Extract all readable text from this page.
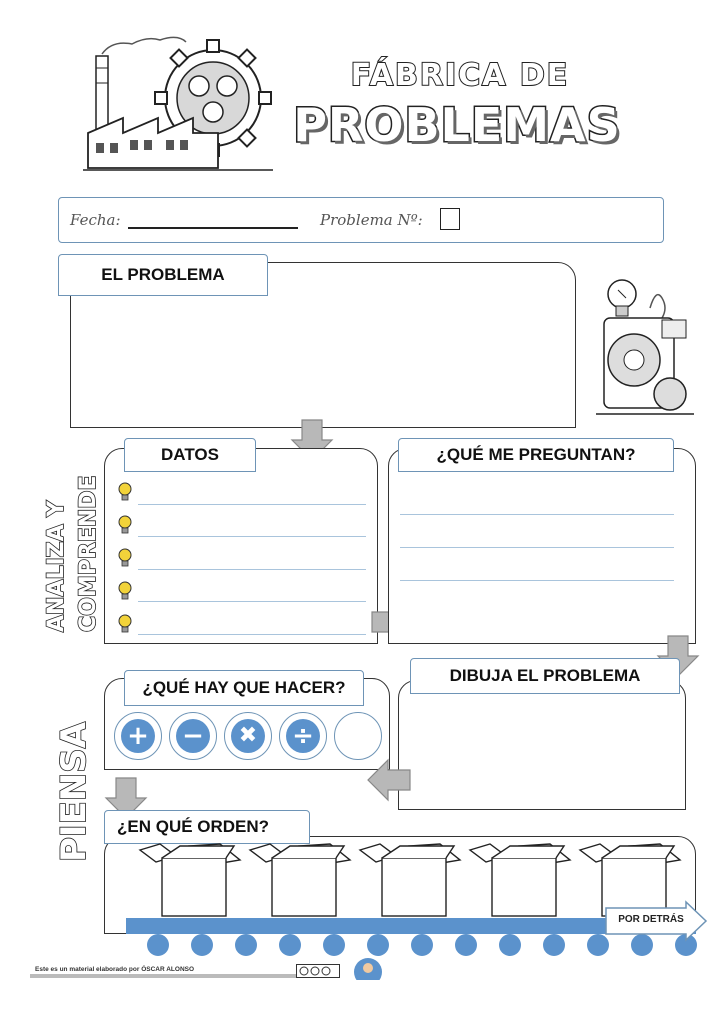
FÁBRICA DE
PROBLEMAS
Fecha:	Problema Nº:
EL PROBLEMA
ANALIZA Y COMPRENDE
DATOS	¿QUÉ ME PREGUNTAN?
PIENSA
¿QUÉ HAY QUE HACER?
+ −	✖ ÷
DIBUJA EL PROBLEMA
¿EN QUÉ ORDEN?
POR DETRÁS
Este es un material elaborado por ÓSCAR ALONSO
